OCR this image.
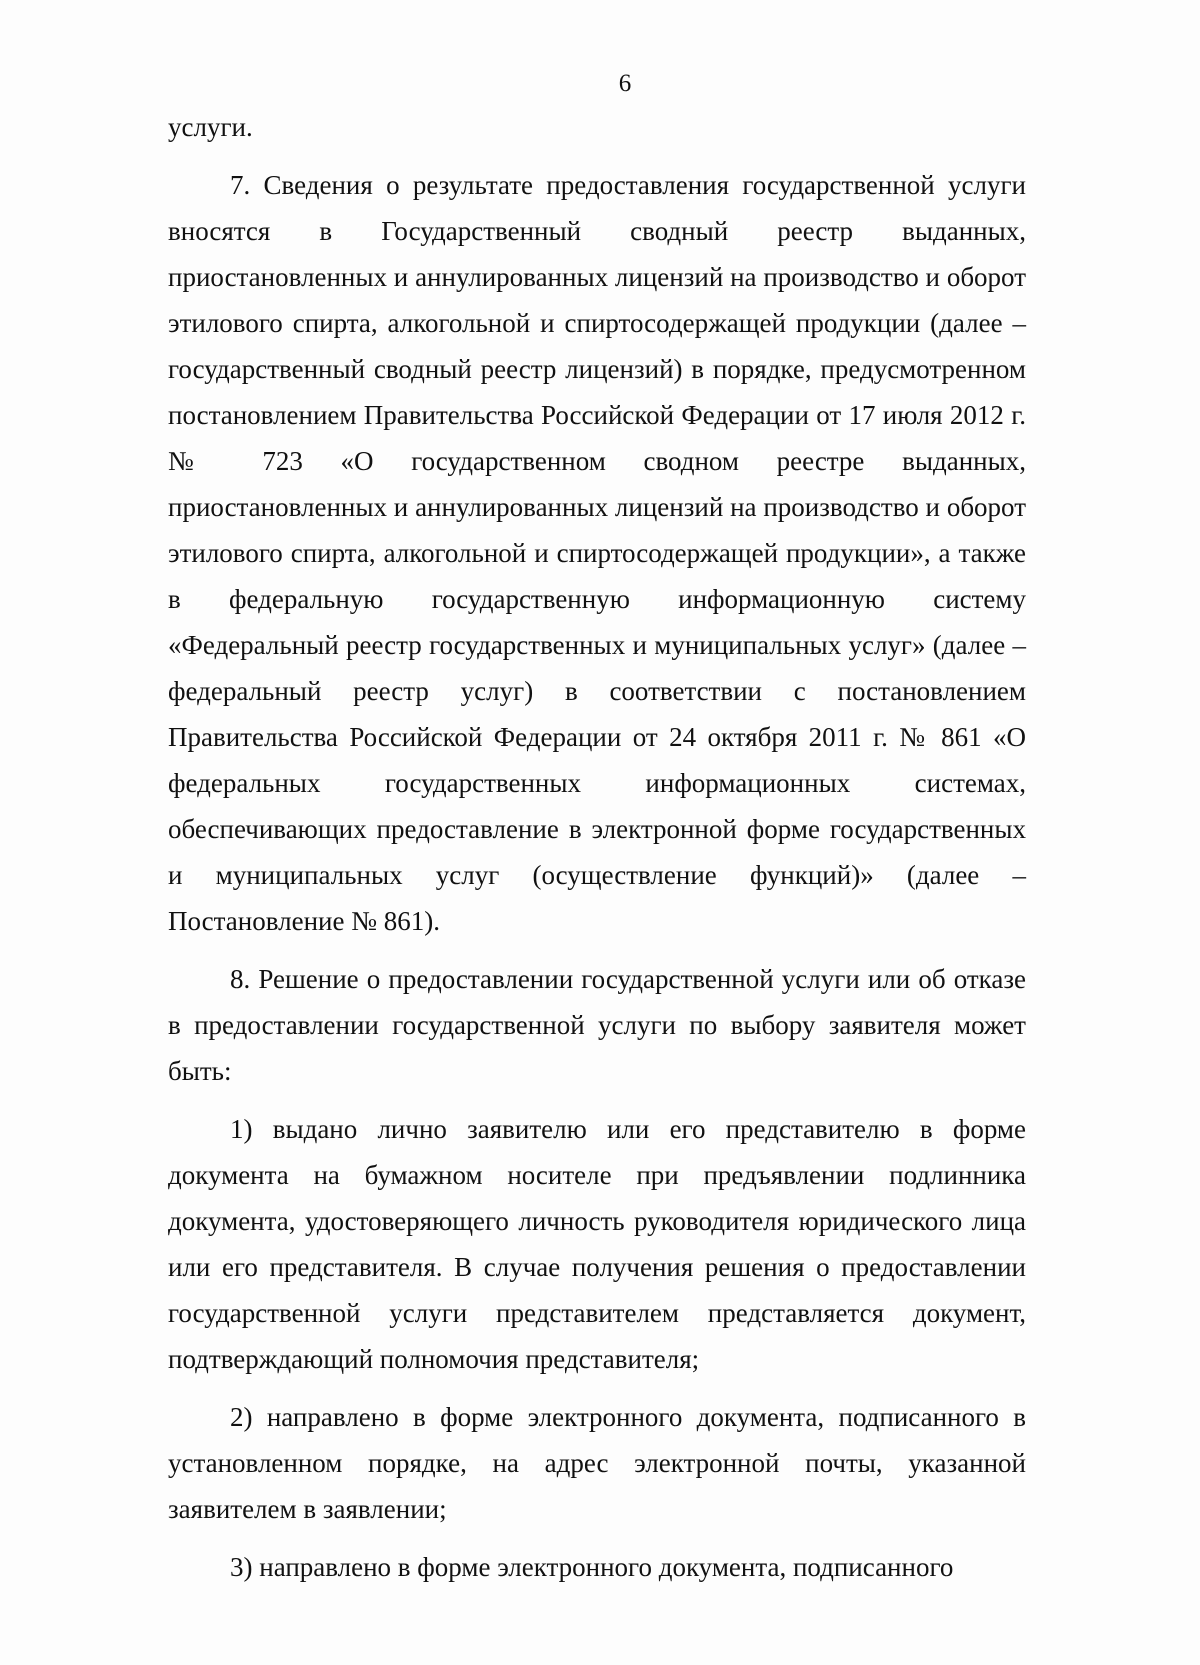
6

услуги.

7. Сведения о результате предоставления государственной услуги вносятся в Государственный сводный реестр выданных, приостановленных и аннулированных лицензий на производство и оборот этилового спирта, алкогольной и спиртосодержащей продукции (далее – государственный сводный реестр лицензий) в порядке, предусмотренном постановлением Правительства Российской Федерации от 17 июля 2012 г. № 723 «О государственном сводном реестре выданных, приостановленных и аннулированных лицензий на производство и оборот этилового спирта, алкогольной и спиртосодержащей продукции», а также в федеральную государственную информационную систему «Федеральный реестр государственных и муниципальных услуг» (далее – федеральный реестр услуг) в соответствии с постановлением Правительства Российской Федерации от 24 октября 2011 г. № 861 «О федеральных государственных информационных системах, обеспечивающих предоставление в электронной форме государственных и муниципальных услуг (осуществление функций)» (далее – Постановление № 861).

8. Решение о предоставлении государственной услуги или об отказе в предоставлении государственной услуги по выбору заявителя может быть:

1) выдано лично заявителю или его представителю в форме документа на бумажном носителе при предъявлении подлинника документа, удостоверяющего личность руководителя юридического лица или его представителя. В случае получения решения о предоставлении государственной услуги представителем представляется документ, подтверждающий полномочия представителя;

2) направлено в форме электронного документа, подписанного в установленном порядке, на адрес электронной почты, указанной заявителем в заявлении;

3) направлено в форме электронного документа, подписанного
